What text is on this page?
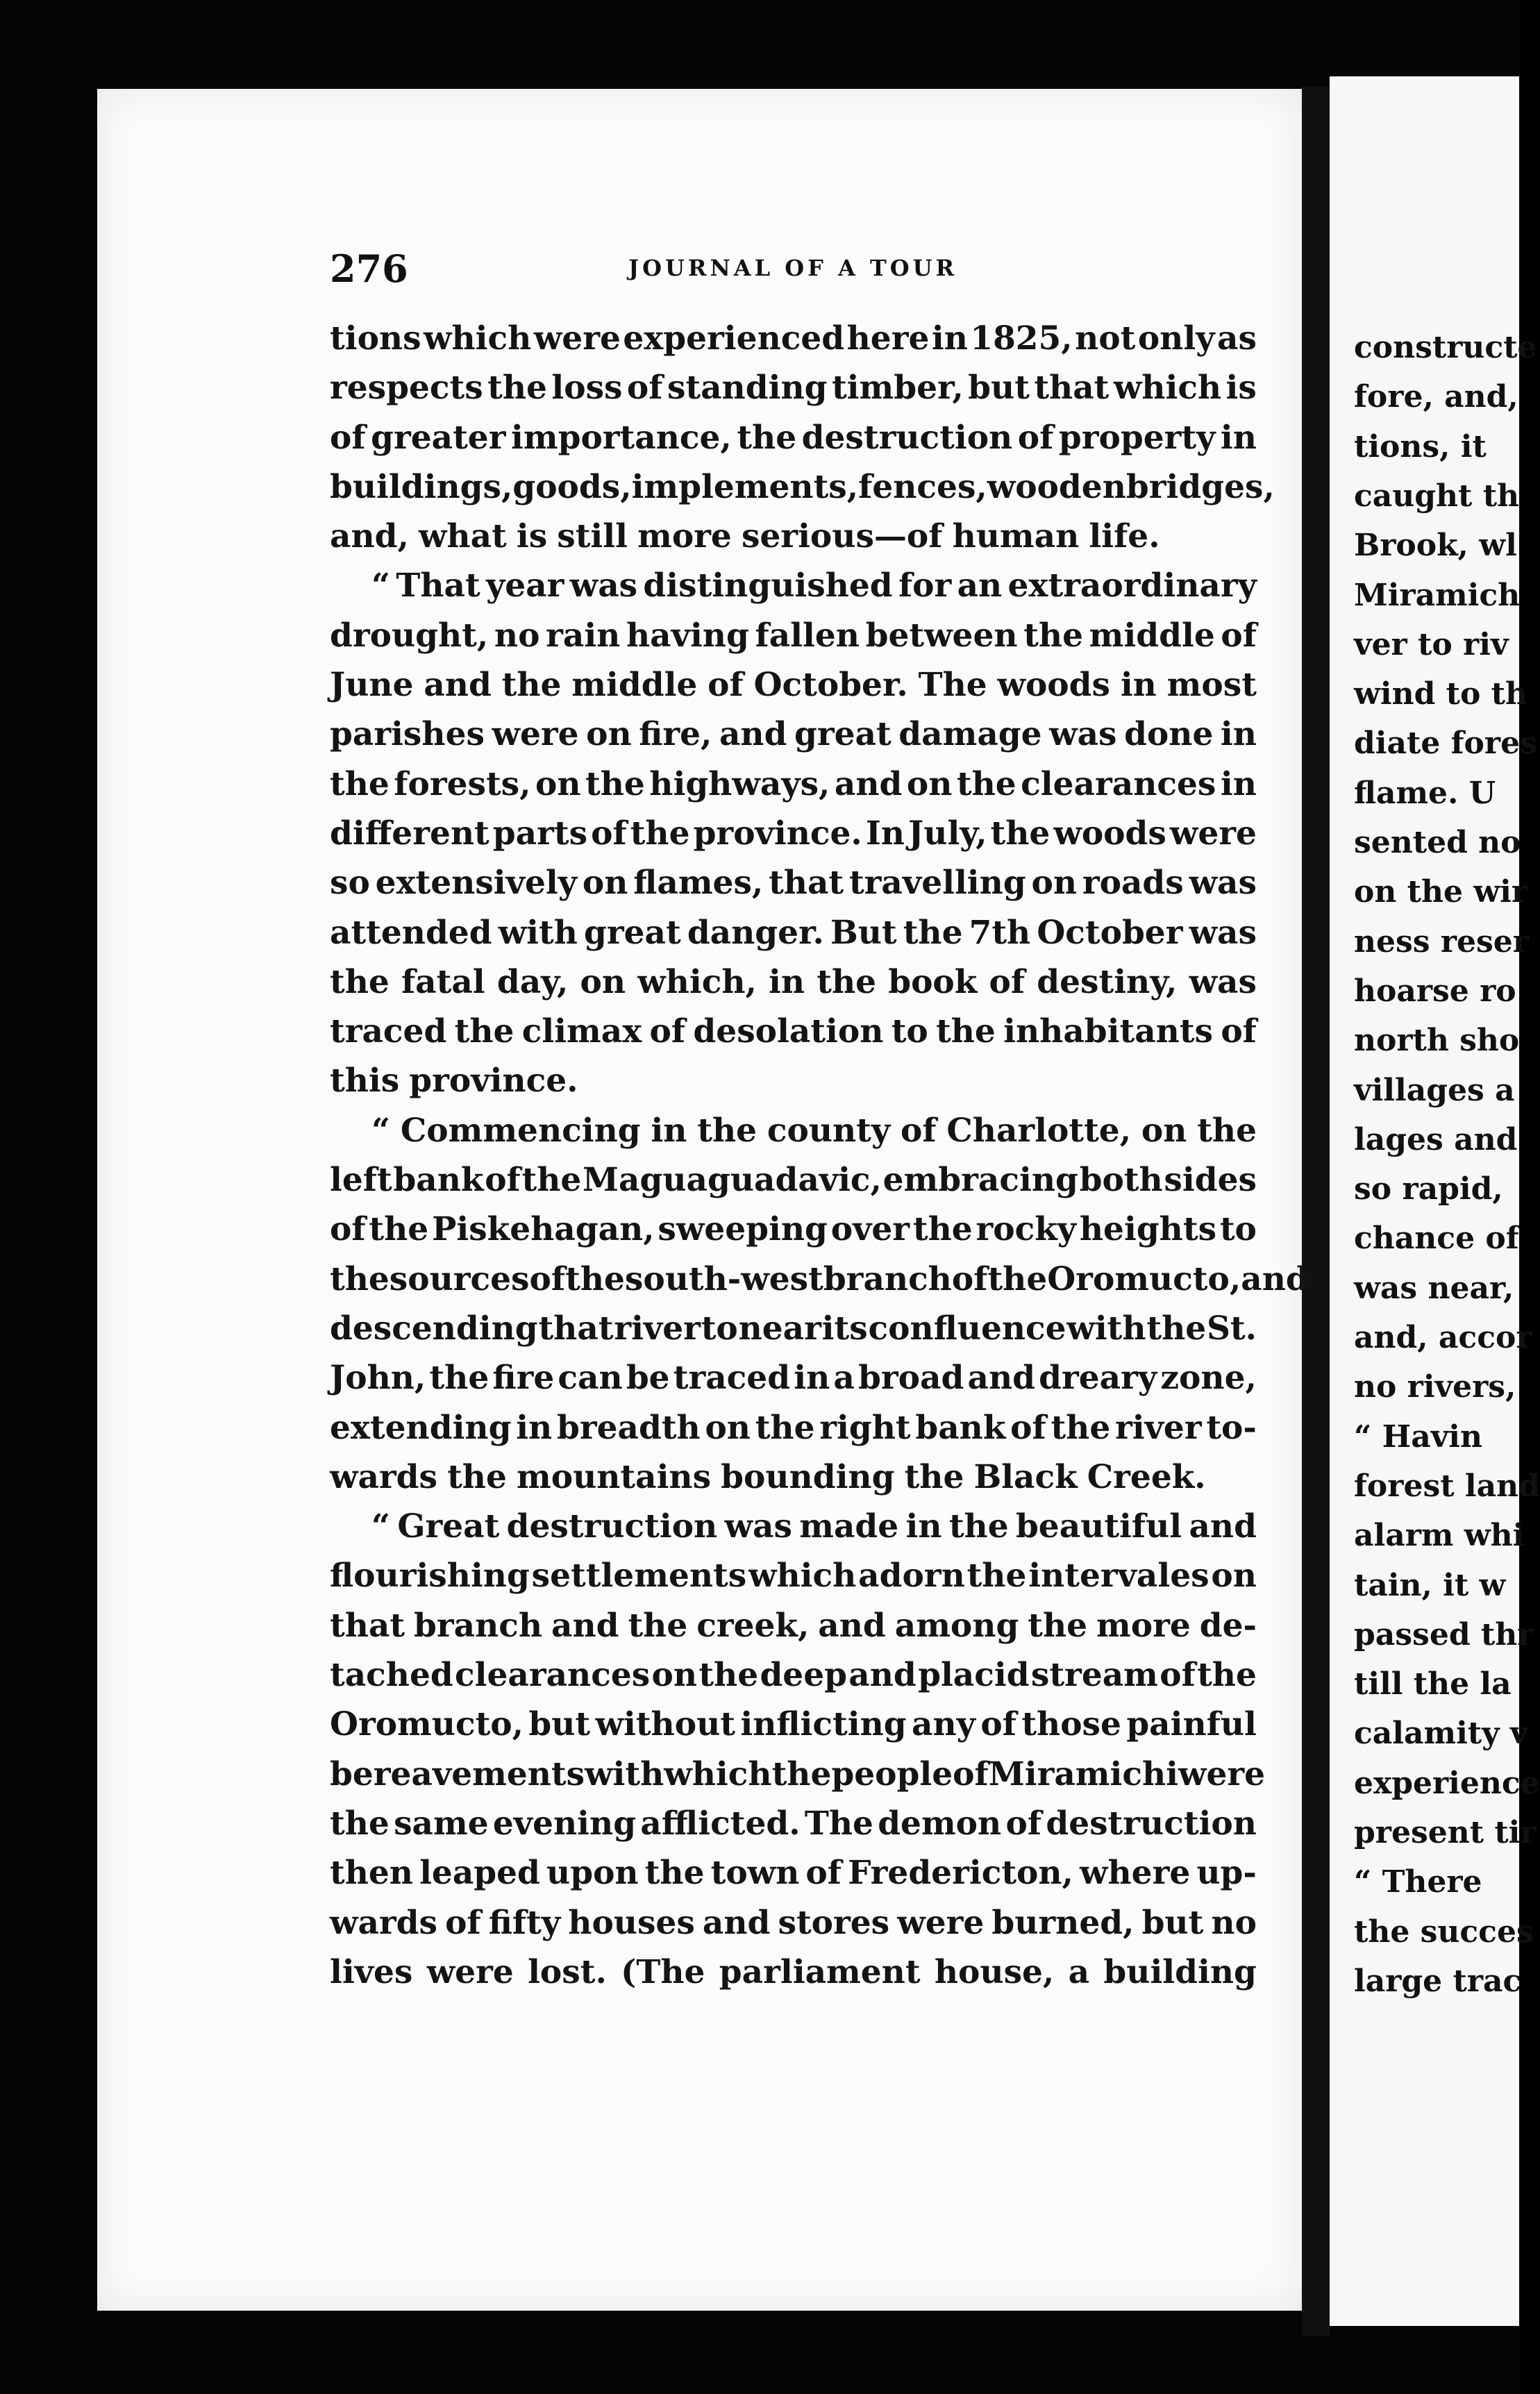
constructe
fore, and,
tions, it
caught th
Brook, wl
Miramich
ver to riv
wind to th
diate fores
flame. U
sented no
on the wir
ness reser
hoarse ro
north sho
villages a
lages and
so rapid,
chance of
was near,
and, accor
no rivers,
“ Havin
forest land
alarm whi
tain, it w
passed thr
till the la
calamity v
experience
present tir
“ There
the succes
large trac
276	JOURNAL OF A TOUR
tions which were experienced here in 1825, not only as
respects the loss of standing timber, but that which is
of greater importance, the destruction of property in
buildings, goods, implements, fences, wooden bridges,
and, what is still more serious—of human life.
“ That year was distinguished for an extraordinary
drought, no rain having fallen between the middle of
June and the middle of October. The woods in most
parishes were on fire, and great damage was done in
the forests, on the highways, and on the clearances in
different parts of the province. In July, the woods were
so extensively on flames, that travelling on roads was
attended with great danger. But the 7th October was
the fatal day, on which, in the book of destiny, was
traced the climax of desolation to the inhabitants of
this province.
“ Commencing in the county of Charlotte, on the
left bank of the Maguaguadavic, embracing both sides
of the Piskehagan, sweeping over the rocky heights to
the sources of the south-west branch of the Oromucto, and
descending that river to near its confluence with the St.
John, the fire can be traced in a broad and dreary zone,
extending in breadth on the right bank of the river to-
wards the mountains bounding the Black Creek.
“ Great destruction was made in the beautiful and
flourishing settlements which adorn the intervales on
that branch and the creek, and among the more de-
tached clearances on the deep and placid stream of the
Oromucto, but without inflicting any of those painful
bereavements with which the people of Miramichi were
the same evening afflicted. The demon of destruction
then leaped upon the town of Fredericton, where up-
wards of fifty houses and stores were burned, but no
lives were lost. (The parliament house, a building
